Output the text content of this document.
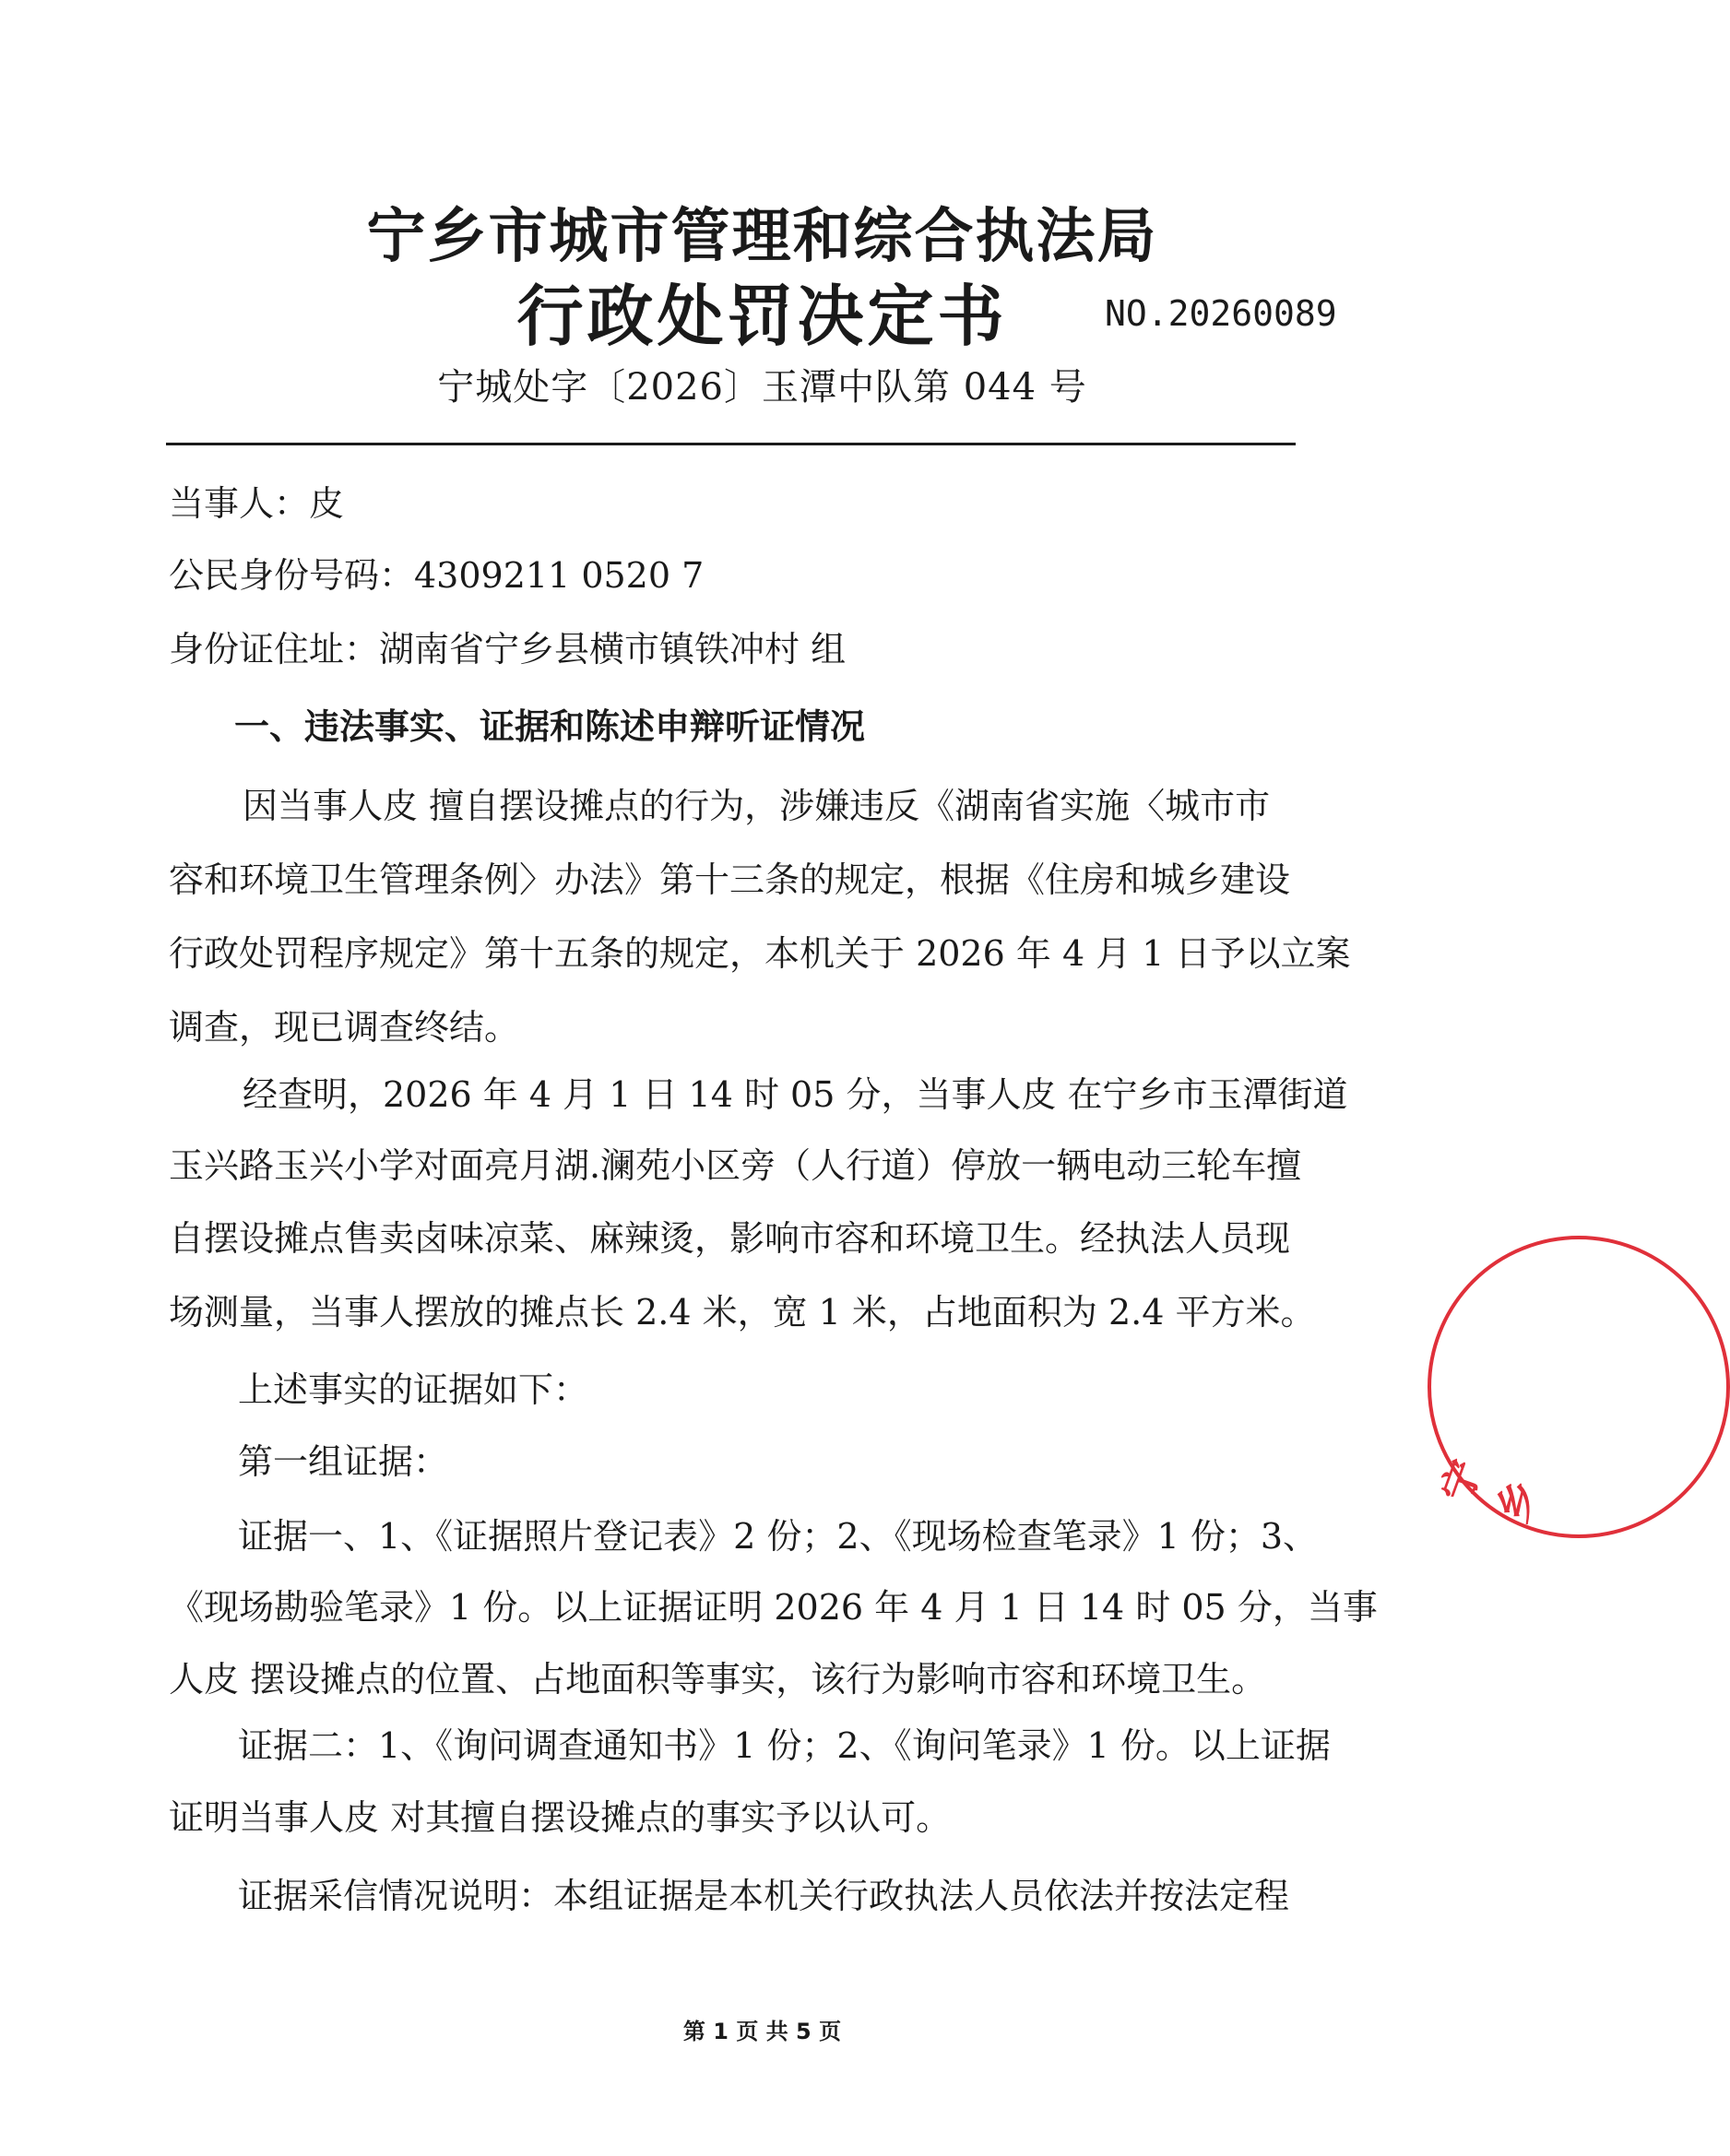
宁乡市城市管理和综合执法局
行政处罚决定书	NO.20260089
宁城处字〔2026〕玉潭中队第 044 号
当事人：皮
公民身份号码：4309211 0520 7
身份证住址：湖南省宁乡县横市镇铁冲村 组
一、违法事实、证据和陈述申辩听证情况
因当事人皮 擅自摆设摊点的行为，涉嫌违反《湖南省实施〈城市市
容和环境卫生管理条例〉办法》第十三条的规定，根据《住房和城乡建设
行政处罚程序规定》第十五条的规定，本机关于 2026 年 4 月 1 日予以立案
调查，现已调查终结。
经查明，2026 年 4 月 1 日 14 时 05 分，当事人皮 在宁乡市玉潭街道
玉兴路玉兴小学对面亮月湖.澜苑小区旁（人行道）停放一辆电动三轮车擅
自摆设摊点售卖卤味凉菜、麻辣烫，影响市容和环境卫生。经执法人员现
场测量，当事人摆放的摊点长 2.4 米，宽 1 米，占地面积为 2.4 平方米。
上述事实的证据如下：
第一组证据：
证据一、1、《证据照片登记表》2 份；2、《现场检查笔录》1 份；3、
《现场勘验笔录》1 份。以上证据证明 2026 年 4 月 1 日 14 时 05 分，当事
人皮 摆设摊点的位置、占地面积等事实，该行为影响市容和环境卫生。
证据二：1、《询问调查通知书》1 份；2、《询问笔录》1 份。以上证据
证明当事人皮 对其擅自摆设摊点的事实予以认可。
证据采信情况说明：本组证据是本机关行政执法人员依法并按法定程
宁乡
第 1 页 共 5 页
